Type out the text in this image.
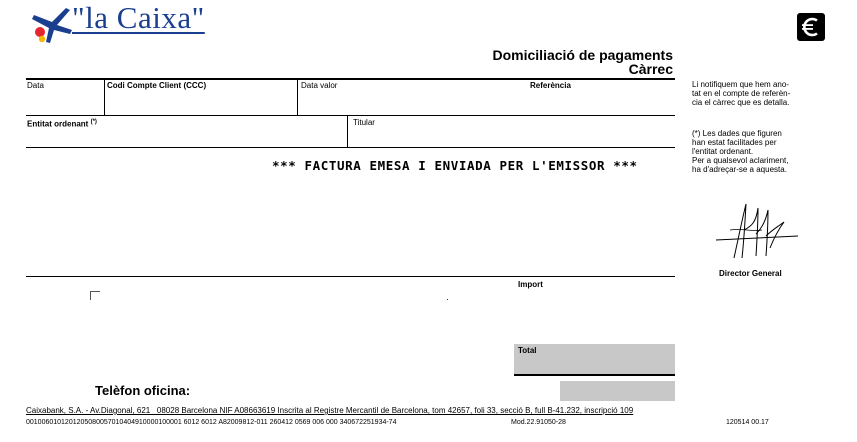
"la Caixa"
Domiciliació de pagaments
Càrrec
Data	Codi Compte Client (CCC)	Data valor	Referència
Entitat ordenant (*)	Titular
*** FACTURA EMESA I ENVIADA PER L'EMISSOR ***
Import
Total
Telèfon oficina:
Li notifiquem que hem ano-
tat en el compte de referèn-
cia el càrrec que es detalla.
(*) Les dades que figuren
han estat facilitades per
l'entitat ordenant.
Per a qualsevol aclariment,
ha d'adreçar-se a aquesta.
Director General
Caixabank, S.A. - Av.Diagonal, 621   08028 Barcelona NIF A08663619 Inscrita al Registre Mercantil de Barcelona, tom 42657, foli 33, secció B, full B-41.232, inscripció 109
0010060101201205080057010404910000100001 6012 6012 A82009812-011 260412 0569 006 000 340672251934-74	Mod.22.91050-28	120514 00.17
